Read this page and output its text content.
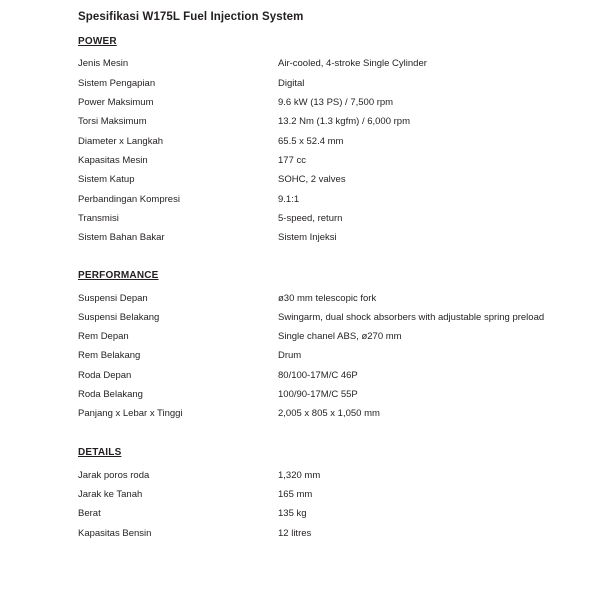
Spesifikasi W175L Fuel Injection System
POWER
Jenis Mesin	Air-cooled, 4-stroke Single Cylinder
Sistem Pengapian	Digital
Power Maksimum	9.6 kW (13 PS) / 7,500 rpm
Torsi Maksimum	13.2 Nm (1.3 kgfm) / 6,000 rpm
Diameter x Langkah	65.5 x 52.4 mm
Kapasitas Mesin	177 cc
Sistem Katup	SOHC, 2 valves
Perbandingan Kompresi	9.1:1
Transmisi	5-speed, return
Sistem Bahan Bakar	Sistem Injeksi
PERFORMANCE
Suspensi Depan	ø30 mm telescopic fork
Suspensi Belakang	Swingarm, dual shock absorbers with adjustable spring preload
Rem Depan	Single chanel ABS, ø270 mm
Rem Belakang	Drum
Roda Depan	80/100-17M/C 46P
Roda Belakang	100/90-17M/C 55P
Panjang x Lebar x Tinggi	2,005 x 805 x 1,050 mm
DETAILS
Jarak poros roda	1,320 mm
Jarak ke Tanah	165 mm
Berat	135 kg
Kapasitas Bensin	12 litres
